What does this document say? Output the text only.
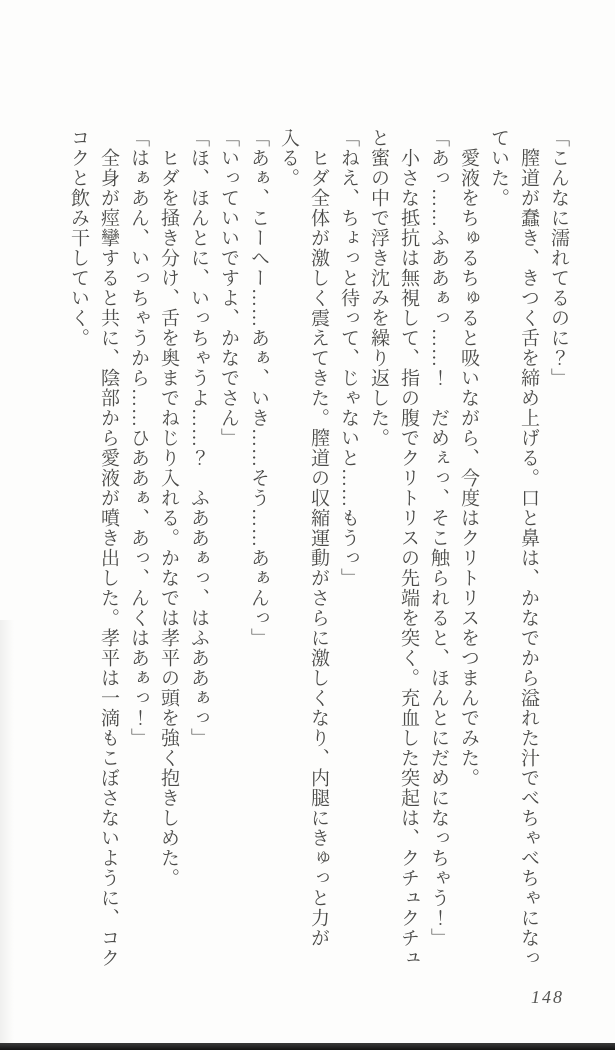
「こんなに濡れてるのに？」

　膣道が蠢き、きつく舌を締め上げる。口と鼻は、かなでから溢れた汁でべちゃべちゃになっ

ていた。

　愛液をちゅるちゅると吸いながら、今度はクリトリスをつまんでみた。

「あっ……ふああぁっ……！　だめぇっ、そこ触られると、ほんとにだめになっちゃう！」

　小さな抵抗は無視して、指の腹でクリトリスの先端を突く。充血した突起は、クチュクチュ

と蜜の中で浮き沈みを繰り返した。

「ねえ、ちょっと待って、じゃないと……もうっ」

　ヒダ全体が激しく震えてきた。膣道の収縮運動がさらに激しくなり、内腿にきゅっと力が

入る。

「あぁ、こーへー……あぁ、いき……そう……あぁんっ」

「いっていいですよ、かなでさん」

「ほ、ほんとに、いっちゃうよ……？　ふああぁっ、はふああぁっ」

　ヒダを掻き分け、舌を奥までねじり入れる。かなでは孝平の頭を強く抱きしめた。

「はぁあん、いっちゃうから……ひああぁ、あっ、んくはあぁっ！」

　全身が痙攣すると共に、陰部から愛液が噴き出した。孝平は一滴もこぼさないように、コク

コクと飲み干していく。

148
